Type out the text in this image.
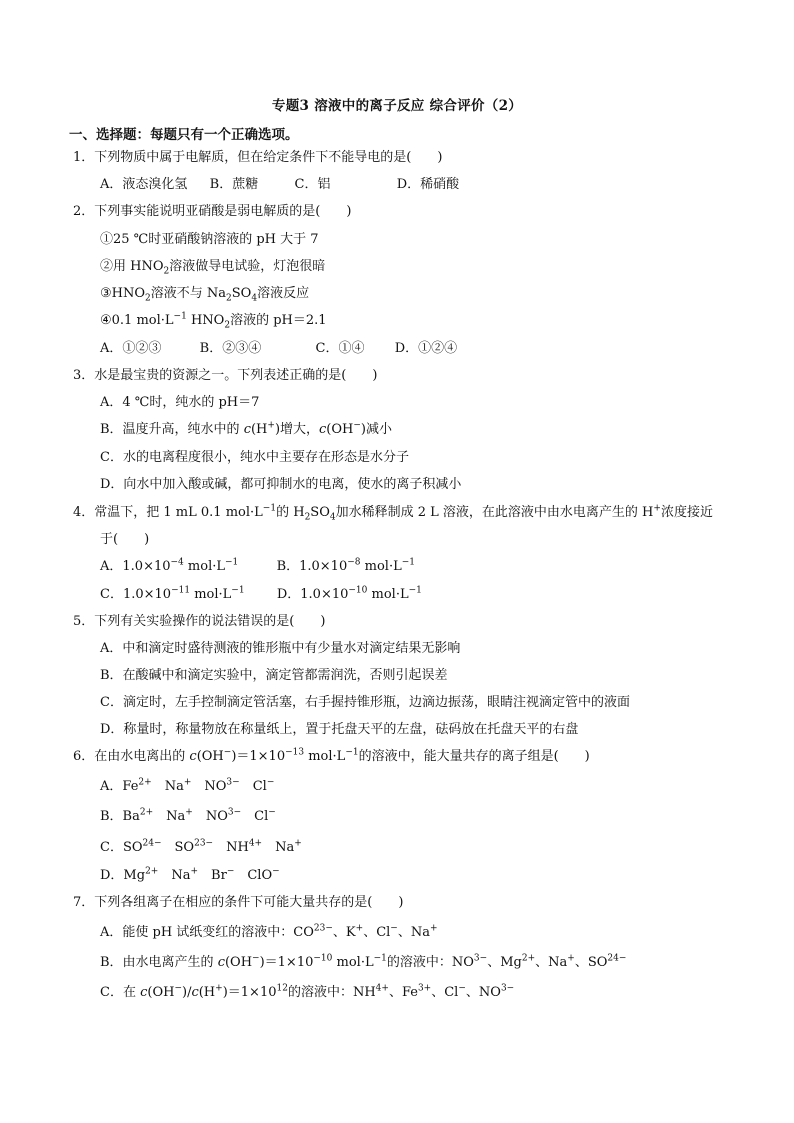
专题3 溶液中的离子反应 综合评价（2）
一、选择题：每题只有一个正确选项。
1．下列物质中属于电解质，但在给定条件下不能导电的是(　　)
A．液态溴化氢 B．蔗糖	C．铝	D．稀硝酸
2．下列事实能说明亚硝酸是弱电解质的是(　　)
①25 ℃时亚硝酸钠溶液的 pH 大于 7
②用 $HNO_2$溶液做导电试验，灯泡很暗
$③HNO_2$溶液不与 $Na_2SO_4$溶液反应
④0.1 $mol\cdot L^{-1}$ $HNO_2$溶液的 pH＝2.1
A．①②③	B．②③④	C．①④ D．①②④
3．水是最宝贵的资源之一。下列表述正确的是(　　)
A．4 ℃时，纯水的 pH＝7
B．温度升高，纯水中的 c(H+)增大，c(OH−)减小
C．水的电离程度很小，纯水中主要存在形态是水分子
D．向水中加入酸或碱，都可抑制水的电离，使水的离子积减小
4．常温下，把 1 mL 0.1 $mol\cdot L^{-1}$的 $H_2SO_4$加水稀释制成 2 L 溶液，在此溶液中由水电离产生的 H+浓度接近
于(　　)
A．$1.0\times 10^{-4}$ $mol\cdot L^{-1}$	B．$1.0\times 10^{-8}$ $mol\cdot L^{-1}$
C．$1.0\times 10^{-11}$ $mol\cdot L^{-1}$ D．$1.0\times 10^{-10}$ $mol\cdot L^{-1}$
5．下列有关实验操作的说法错误的是(　　)
A．中和滴定时盛待测液的锥形瓶中有少量水对滴定结果无影响
B．在酸碱中和滴定实验中，滴定管都需润洗，否则引起误差
C．滴定时，左手控制滴定管活塞，右手握持锥形瓶，边滴边振荡，眼睛注视滴定管中的液面
D．称量时，称量物放在称量纸上，置于托盘天平的左盘，砝码放在托盘天平的右盘
6．在由水电离出的 $c(OH^-)=1\times 10^{-13}$ $mol\cdot L^{-1}$的溶液中，能大量共存的离子组是(　　)
A．$Fe^{2+}$　Na+　$NO^{3-}$　Cl−
B．$Ba^{2+}$　Na+　$NO^{3-}$　Cl−
C．$SO^{24-}$　$SO^{23-}$　$NH^{4+}$　Na+
D．$Mg^{2+}$　Na+　Br−　ClO−
7．下列各组离子在相应的条件下可能大量共存的是(　　)
A．能使 pH 试纸变红的溶液中：$CO^{23-}$、K+、Cl−、Na+
B．由水电离产生的 $c(OH^-)=1\times 10^{-10}$ $mol\cdot L^{-1}$的溶液中：$NO^{3-}$、$Mg^{2+}$、Na+、$SO^{24-}$
C．在 $c(OH^-)/c(H^+)=1\times 10^{12}$的溶液中：$NH^{4+}$、$Fe^{3+}$、Cl−、$NO^{3-}$
